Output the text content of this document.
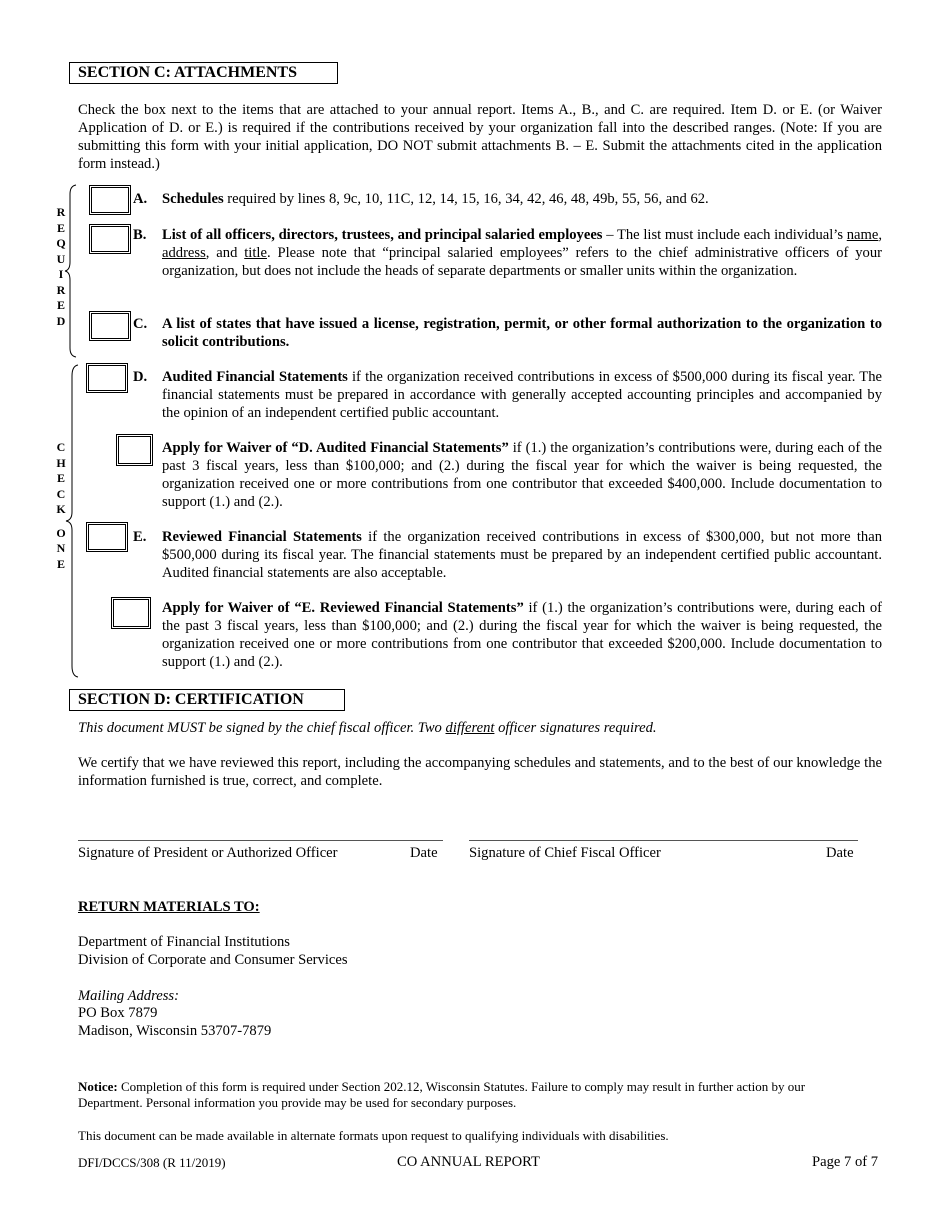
SECTION C: ATTACHMENTS
Check the box next to the items that are attached to your annual report. Items A., B., and C. are required. Item D. or E. (or Waiver Application of D. or E.) is required if the contributions received by your organization fall into the described ranges. (Note: If you are submitting this form with your initial application, DO NOT submit attachments B. – E. Submit the attachments cited in the application form instead.)
R
E
Q
U
I
R
E
D
C
H
E
C
K
O
N
E
A. Schedules required by lines 8, 9c, 10, 11C, 12, 14, 15, 16, 34, 42, 46, 48, 49b, 55, 56, and 62.
B. List of all officers, directors, trustees, and principal salaried employees – The list must include each individual’s name, address, and title. Please note that “principal salaried employees” refers to the chief administrative officers of your organization, but does not include the heads of separate departments or smaller units within the organization.
C. A list of states that have issued a license, registration, permit, or other formal authorization to the organization to solicit contributions.
D. Audited Financial Statements if the organization received contributions in excess of $500,000 during its fiscal year. The financial statements must be prepared in accordance with generally accepted accounting principles and accompanied by the opinion of an independent certified public accountant.
Apply for Waiver of “D. Audited Financial Statements” if (1.) the organization’s contributions were, during each of the past 3 fiscal years, less than $100,000; and (2.) during the fiscal year for which the waiver is being requested, the organization received one or more contributions from one contributor that exceeded $400,000. Include documentation to support (1.) and (2.).
E. Reviewed Financial Statements if the organization received contributions in excess of $300,000, but not more than $500,000 during its fiscal year. The financial statements must be prepared by an independent certified public accountant. Audited financial statements are also acceptable.
Apply for Waiver of “E. Reviewed Financial Statements” if (1.) the organization’s contributions were, during each of the past 3 fiscal years, less than $100,000; and (2.) during the fiscal year for which the waiver is being requested, the organization received one or more contributions from one contributor that exceeded $200,000. Include documentation to support (1.) and (2.).
SECTION D: CERTIFICATION
This document MUST be signed by the chief fiscal officer. Two different officer signatures required.
We certify that we have reviewed this report, including the accompanying schedules and statements, and to the best of our knowledge the information furnished is true, correct, and complete.
Signature of President or Authorized Officer	Date Signature of Chief Fiscal Officer	Date
RETURN MATERIALS TO:
Department of Financial Institutions
Division of Corporate and Consumer Services
Mailing Address:
PO Box 7879
Madison, Wisconsin 53707-7879
Notice: Completion of this form is required under Section 202.12, Wisconsin Statutes. Failure to comply may result in further action by our Department. Personal information you provide may be used for secondary purposes.
This document can be made available in alternate formats upon request to qualifying individuals with disabilities.
DFI/DCCS/308 (R 11/2019)	CO ANNUAL REPORT	Page 7 of 7
